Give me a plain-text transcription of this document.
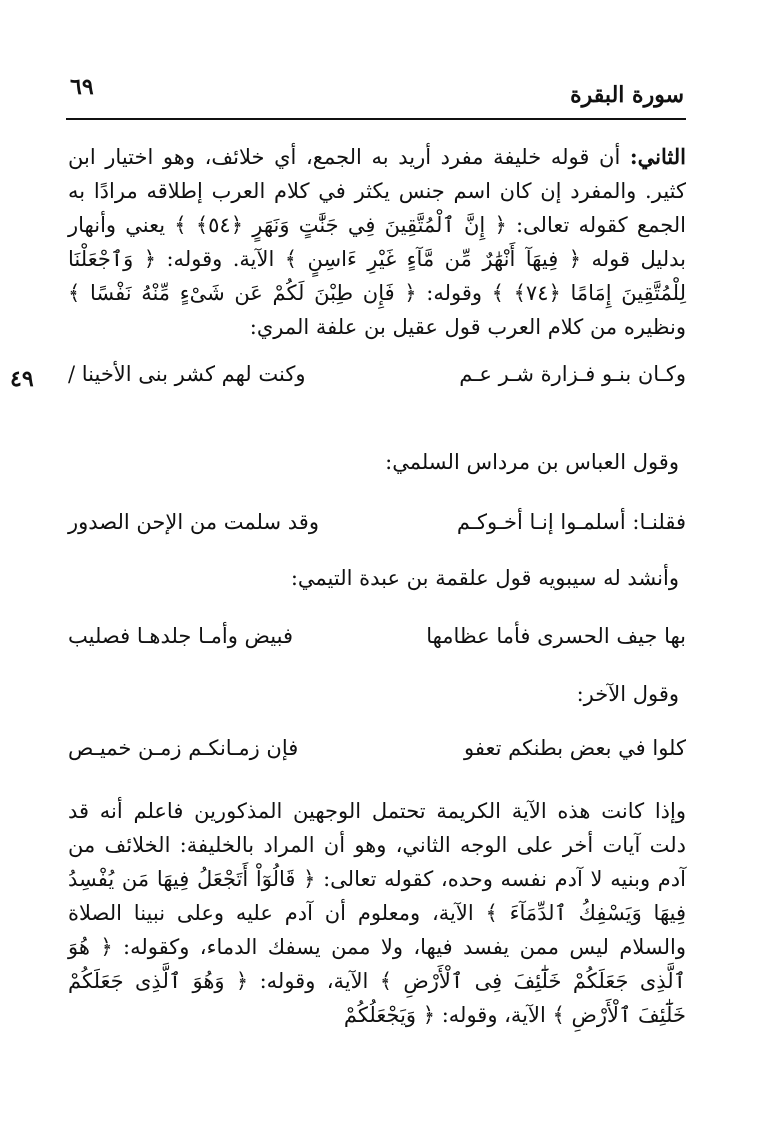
سورة البقرة
٦٩
٤٩
الثاني: أن قوله خليفة مفرد أريد به الجمع، أي خلائف، وهو اختيار ابن كثير. والمفرد إن كان اسم جنس يكثر في كلام العرب إطلاقه مرادًا به الجمع كقوله تعالى: ﴿ إِنَّ ٱلْمُتَّقِينَ فِي جَنَّٰتٍ وَنَهَرٍ ﴿٥٤﴾ ﴾ يعني وأنهار بدليل قوله ﴿ فِيهَآ أَنْهَٰرٌ مِّن مَّآءٍ غَيْرِ ءَاسِنٍ ﴾ الآية. وقوله: ﴿ وَٱجْعَلْنَا لِلْمُتَّقِينَ إِمَامًا ﴿٧٤﴾ ﴾ وقوله: ﴿ فَإِن طِبْنَ لَكُمْ عَن شَىْءٍ مِّنْهُ نَفْسًا ﴾ ونظيره من كلام العرب قول عقيل بن علفة المري:
وكـان بنـو فـزارة شـر عـم
وكنت لهم كشر بنى الأخينا /
وقول العباس بن مرداس السلمي:
فقلنـا: أسلمـوا إنـا أخـوكـم
وقد سلمت من الإحن الصدور
وأنشد له سيبويه قول علقمة بن عبدة التيمي:
بها جيف الحسرى فأما عظامها
فبيض وأمـا جلدهـا فصليب
وقول الآخر:
كلوا في بعض بطنكم تعفو
فإن زمـانكـم زمـن خميـص
وإذا كانت هذه الآية الكريمة تحتمل الوجهين المذكورين فاعلم أنه قد دلت آيات أخر على الوجه الثاني، وهو أن المراد بالخليفة: الخلائف من آدم وبنيه لا آدم نفسه وحده، كقوله تعالى: ﴿ قَالُوٓاْ أَتَجْعَلُ فِيهَا مَن يُفْسِدُ فِيهَا وَيَسْفِكُ ٱلدِّمَآءَ ﴾ الآية، ومعلوم أن آدم عليه وعلى نبينا الصلاة والسلام ليس ممن يفسد فيها، ولا ممن يسفك الدماء، وكقوله: ﴿ هُوَ ٱلَّذِى جَعَلَكُمْ خَلَٰٓئِفَ فِى ٱلْأَرْضِ ﴾ الآية، وقوله: ﴿ وَهُوَ ٱلَّذِى جَعَلَكُمْ خَلَٰٓئِفَ ٱلْأَرْضِ ﴾ الآية، وقوله: ﴿ وَيَجْعَلُكُمْ
